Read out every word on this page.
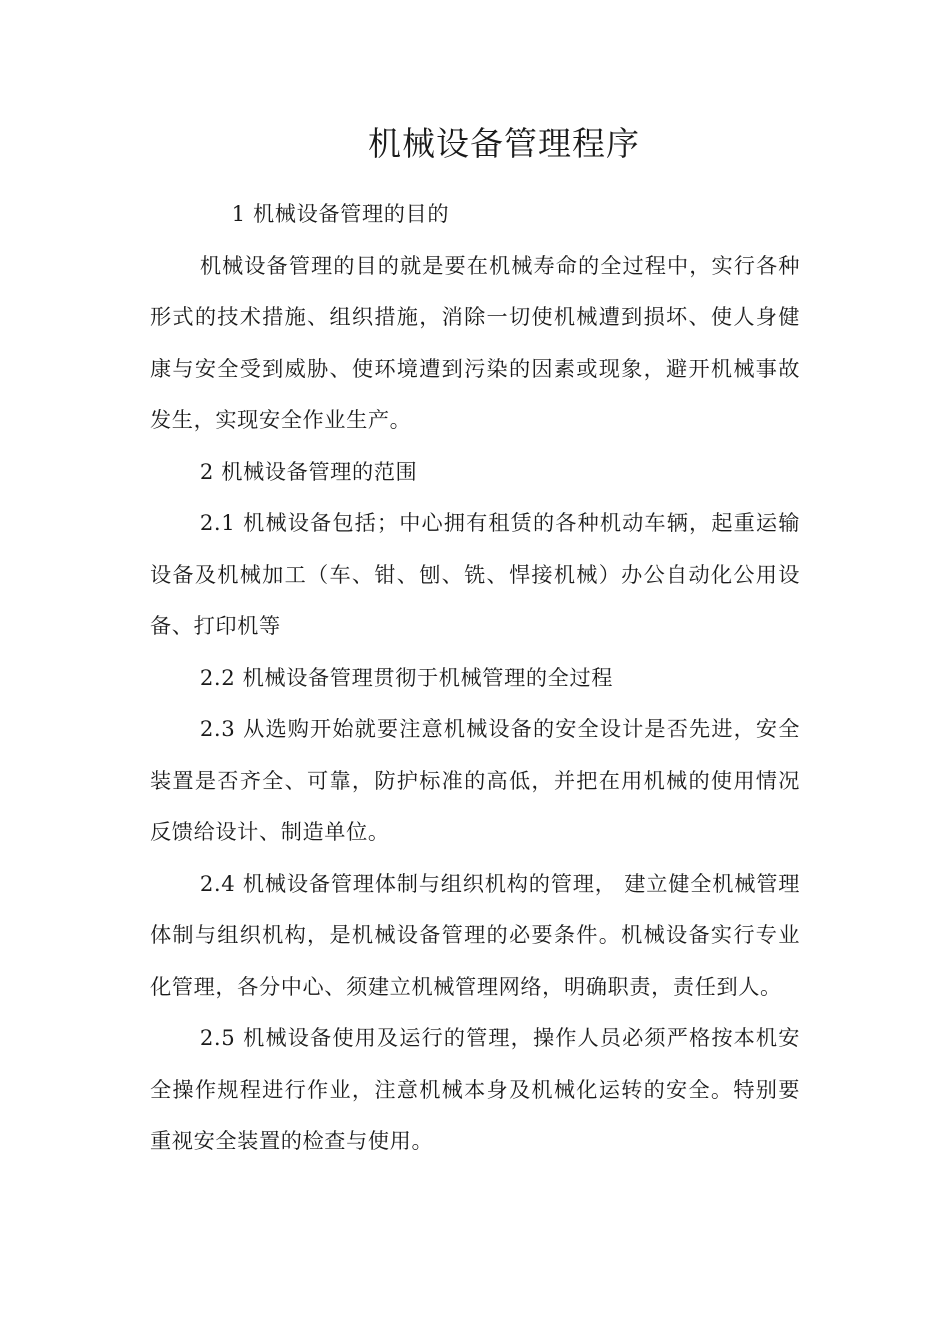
机械设备管理程序

1 机械设备管理的目的

机械设备管理的目的就是要在机械寿命的全过程中，实行各种形式的技术措施、组织措施，消除一切使机械遭到损坏、使人身健康与安全受到威胁、使环境遭到污染的因素或现象，避开机械事故发生，实现安全作业生产。

2 机械设备管理的范围

2.1 机械设备包括；中心拥有租赁的各种机动车辆，起重运输设备及机械加工（车、钳、刨、铣、悍接机械）办公自动化公用设备、打印机等

2.2 机械设备管理贯彻于机械管理的全过程

2.3 从选购开始就要注意机械设备的安全设计是否先进，安全装置是否齐全、可靠，防护标准的高低，并把在用机械的使用情况反馈给设计、制造单位。

2.4 机械设备管理体制与组织机构的管理， 建立健全机械管理体制与组织机构，是机械设备管理的必要条件。机械设备实行专业化管理，各分中心、须建立机械管理网络，明确职责，责任到人。

2.5 机械设备使用及运行的管理，操作人员必须严格按本机安全操作规程进行作业，注意机械本身及机械化运转的安全。特别要重视安全装置的检查与使用。
